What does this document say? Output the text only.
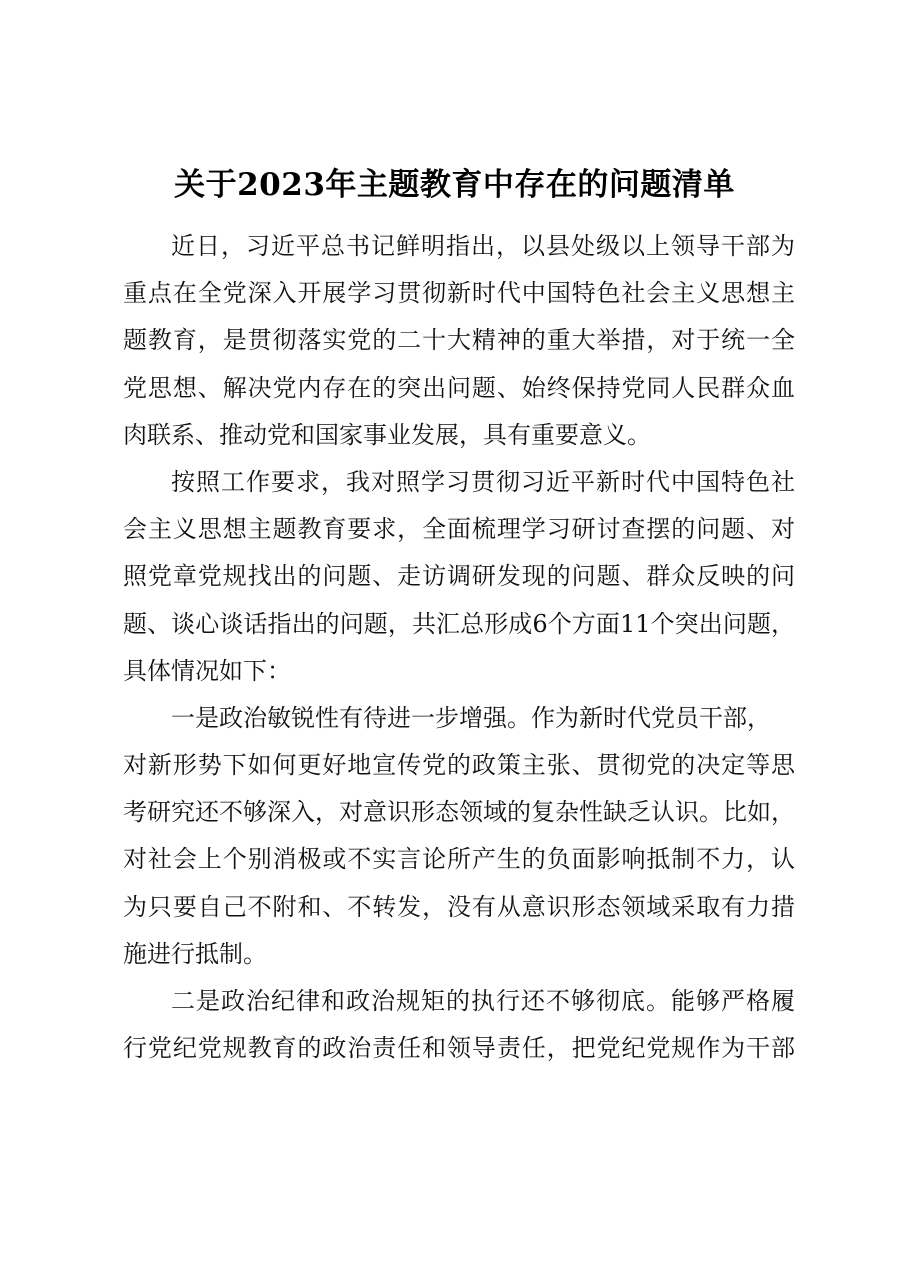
关于2023年主题教育中存在的问题清单
近日，习近平总书记鲜明指出，以县处级以上领导干部为
重点在全党深入开展学习贯彻新时代中国特色社会主义思想主
题教育，是贯彻落实党的二十大精神的重大举措，对于统一全
党思想、解决党内存在的突出问题、始终保持党同人民群众血
肉联系、推动党和国家事业发展，具有重要意义。
按照工作要求，我对照学习贯彻习近平新时代中国特色社
会主义思想主题教育要求，全面梳理学习研讨查摆的问题、对
照党章党规找出的问题、走访调研发现的问题、群众反映的问
题、谈心谈话指出的问题，共汇总形成6个方面11个突出问题，
具体情况如下：
一是政治敏锐性有待进一步增强。作为新时代党员干部，
对新形势下如何更好地宣传党的政策主张、贯彻党的决定等思
考研究还不够深入，对意识形态领域的复杂性缺乏认识。比如，
对社会上个别消极或不实言论所产生的负面影响抵制不力，认
为只要自己不附和、不转发，没有从意识形态领域采取有力措
施进行抵制。
二是政治纪律和政治规矩的执行还不够彻底。能够严格履
行党纪党规教育的政治责任和领导责任，把党纪党规作为干部
